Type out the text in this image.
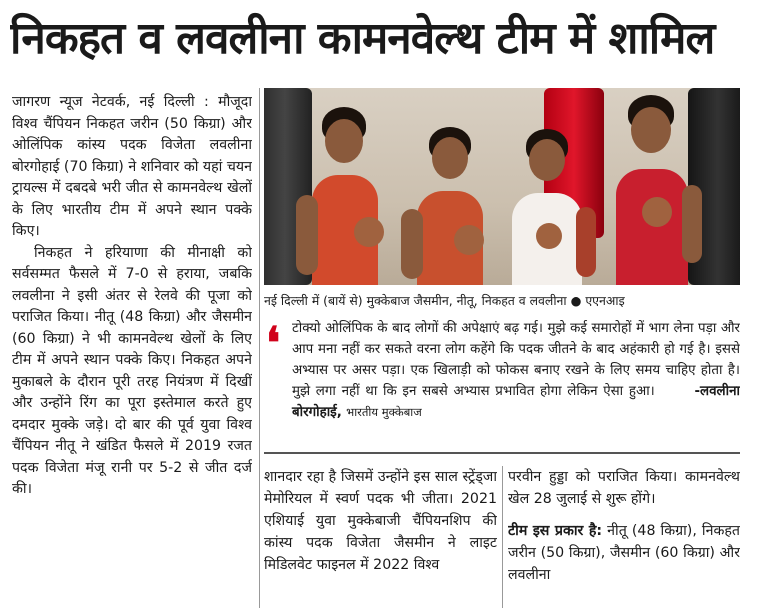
निकहत व लवलीना कामनवेल्थ टीम में शामिल

जागरण न्यूज नेटवर्क, नई दिल्ली : मौजूदा विश्व चैंपियन निकहत जरीन (50 किग्रा) और ओलिंपिक कांस्य पदक विजेता लवलीना बोरगोहाई (70 किग्रा) ने शनिवार को यहां चयन ट्रायल्स में दबदबे भरी जीत से कामनवेल्थ खेलों के लिए भारतीय टीम में अपने स्थान पक्के किए।

निकहत ने हरियाणा की मीनाक्षी को सर्वसम्मत फैसले में 7-0 से हराया, जबकि लवलीना ने इसी अंतर से रेलवे की पूजा को पराजित किया। नीतू (48 किग्रा) और जैसमीन (60 किग्रा) ने भी कामनवेल्थ खेलों के लिए टीम में अपने स्थान पक्के किए। निकहत अपने मुकाबले के दौरान पूरी तरह नियंत्रण में दिखीं और उन्होंने रिंग का पूरा इस्तेमाल करते हुए दमदार मुक्के जड़े। दो बार की पूर्व युवा विश्व चैंपियन नीतू ने खंडित फैसले में 2019 रजत पदक विजेता मंजू रानी पर 5-2 से जीत दर्ज की।

नई दिल्ली में (बायें से) मुक्केबाज जैसमीन, नीतू, निकहत व लवलीना ● एएनआइ
❛ टोक्यो ओलिंपिक के बाद लोगों की अपेक्षाएं बढ़ गई। मुझे कई समारोहों में भाग लेना पड़ा और आप मना नहीं कर सकते वरना लोग कहेंगे कि पदक जीतने के बाद अहंकारी हो गई है। इससे अभ्यास पर असर पड़ा। एक खिलाड़ी को फोकस बनाए रखने के लिए समय चाहिए होता है। मुझे लगा नहीं था कि इन सबसे अभ्यास प्रभावित होगा लेकिन ऐसा हुआ।	-लवलीना बोरगोहाई, भारतीय मुक्केबाज

शानदार रहा है जिसमें उन्होंने इस साल स्ट्रेंड्जा मेमोरियल में स्वर्ण पदक भी जीता। 2021 एशियाई युवा मुक्केबाजी चैंपियनशिप की कांस्य पदक विजेता जैसमीन ने लाइट मिडिलवेट फाइनल में 2022 विश्व

परवीन हुड्डा को पराजित किया। कामनवेल्थ खेल 28 जुलाई से शुरू होंगे।

टीम इस प्रकार है: नीतू (48 किग्रा), निकहत जरीन (50 किग्रा), जैसमीन (60 किग्रा) और लवलीना
